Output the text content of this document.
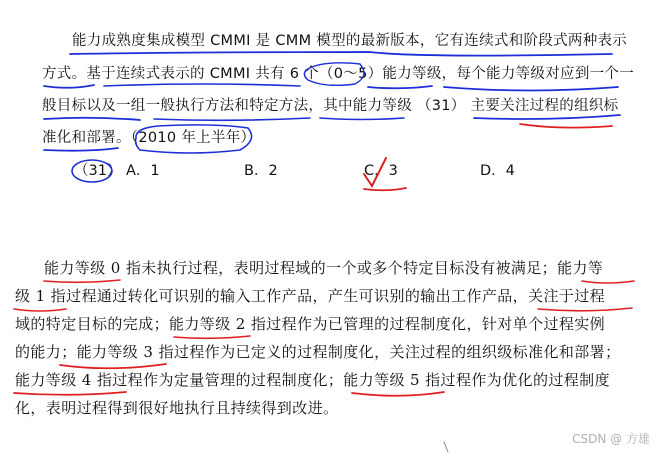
能力成熟度集成模型 CMMI 是 CMM 模型的最新版本，它有连续式和阶段式两种表示
方式。基于连续式表示的 CMMI 共有 6 个（0～5）能力等级，每个能力等级对应到一个一
般目标以及一组一般执行方法和特定方法，其中能力等级 （31） 主要关注过程的组织标
准化和部署。（2010 年上半年）
（31） A．1	B．2	C．3	D．4
能力等级 0 指未执行过程，表明过程域的一个或多个特定目标没有被满足；能力等
级 1 指过程通过转化可识别的输入工作产品，产生可识别的输出工作产品，关注于过程
域的特定目标的完成；能力等级 2 指过程作为已管理的过程制度化，针对单个过程实例
的能力；能力等级 3 指过程作为已定义的过程制度化，关注过程的组织级标准化和部署；
能力等级 4 指过程作为定量管理的过程制度化；能力等级 5 指过程作为优化的过程制度
化，表明过程得到很好地执行且持续得到改进。
CSDN @ 方雄
